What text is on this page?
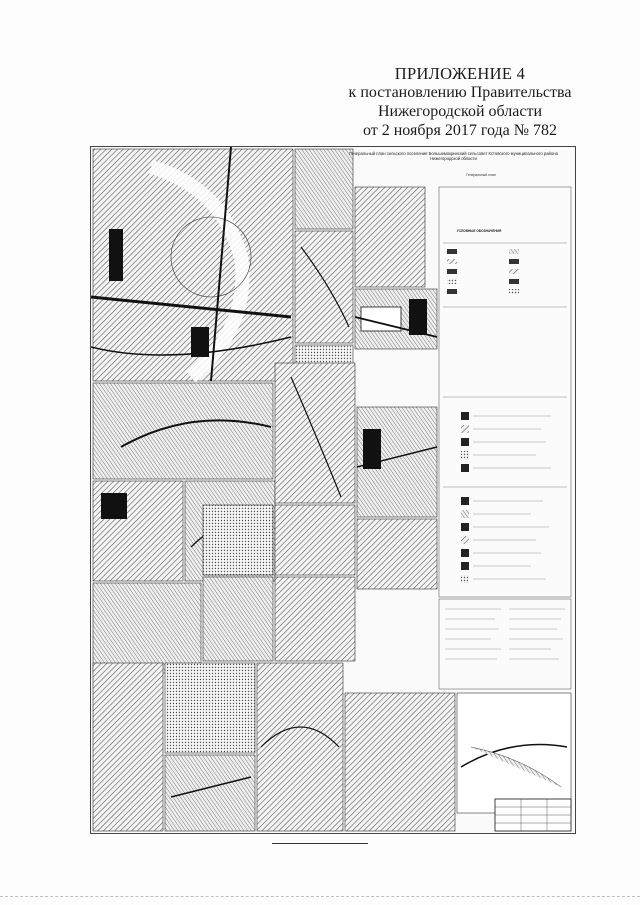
ПРИЛОЖЕНИЕ 4
к постановлению Правительства
Нижегородской области
от 2 ноября 2017 года № 782
Генеральный план сельского поселения Большемокринский сельсовет Кстовского муниципального района Нижегородской области
Генеральный план
УСЛОВНЫЕ ОБОЗНАЧЕНИЯ
